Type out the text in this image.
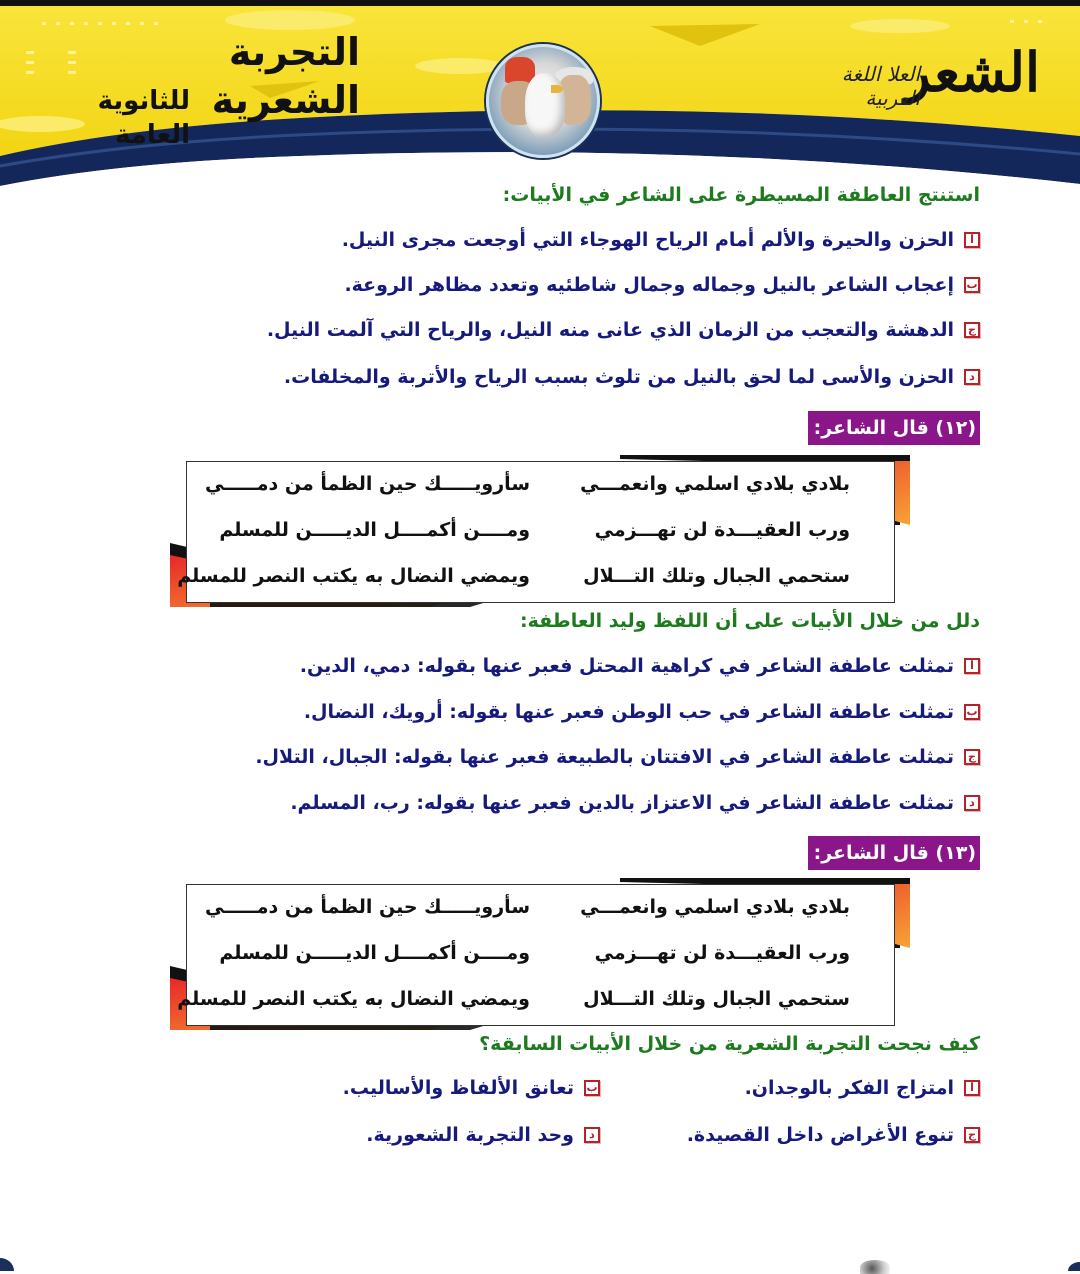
التجربة الشعرية
للثانوية العامة
الشعر
العلا اللغة العربية
استنتج العاطفة المسيطرة على الشاعر في الأبيات:
أ
الحزن والحيرة والألم أمام الرياح الهوجاء التي أوجعت مجرى النيل.
ب
إعجاب الشاعر بالنيل وجماله وجمال شاطئيه وتعدد مظاهر الروعة.
ج
الدهشة والتعجب من الزمان الذي عانى منه النيل، والرياح التي آلمت النيل.
د
الحزن والأسى لما لحق بالنيل من تلوث بسبب الرياح والأتربة والمخلفات.
(١٢) قال الشاعر:
بلادي بلادي اسلمي وانعمـــي
سأرويـــــك حين الظمأ من دمـــــي
ورب العقيـــدة لن تهـــزمي
ومــــن أكمــــل الديـــــن للمسلم
ستحمي الجبال وتلك التـــلال
ويمضي النضال به يكتب النصر للمسلم
دلل من خلال الأبيات على أن اللفظ وليد العاطفة:
أ
تمثلت عاطفة الشاعر في كراهية المحتل فعبر عنها بقوله: دمي، الدين.
ب
تمثلت عاطفة الشاعر في حب الوطن فعبر عنها بقوله: أرويك، النضال.
ج
تمثلت عاطفة الشاعر في الافتتان بالطبيعة فعبر عنها بقوله: الجبال، التلال.
د
تمثلت عاطفة الشاعر في الاعتزاز بالدين فعبر عنها بقوله: رب، المسلم.
(١٣) قال الشاعر:
بلادي بلادي اسلمي وانعمـــي
سأرويـــــك حين الظمأ من دمـــــي
ورب العقيـــدة لن تهـــزمي
ومــــن أكمــــل الديـــــن للمسلم
ستحمي الجبال وتلك التـــلال
ويمضي النضال به يكتب النصر للمسلم
كيف نجحت التجربة الشعرية من خلال الأبيات السابقة؟
أ
امتزاج الفكر بالوجدان.
ب
تعانق الألفاظ والأساليب.
ج
تنوع الأغراض داخل القصيدة.
د
وحد التجربة الشعورية.
